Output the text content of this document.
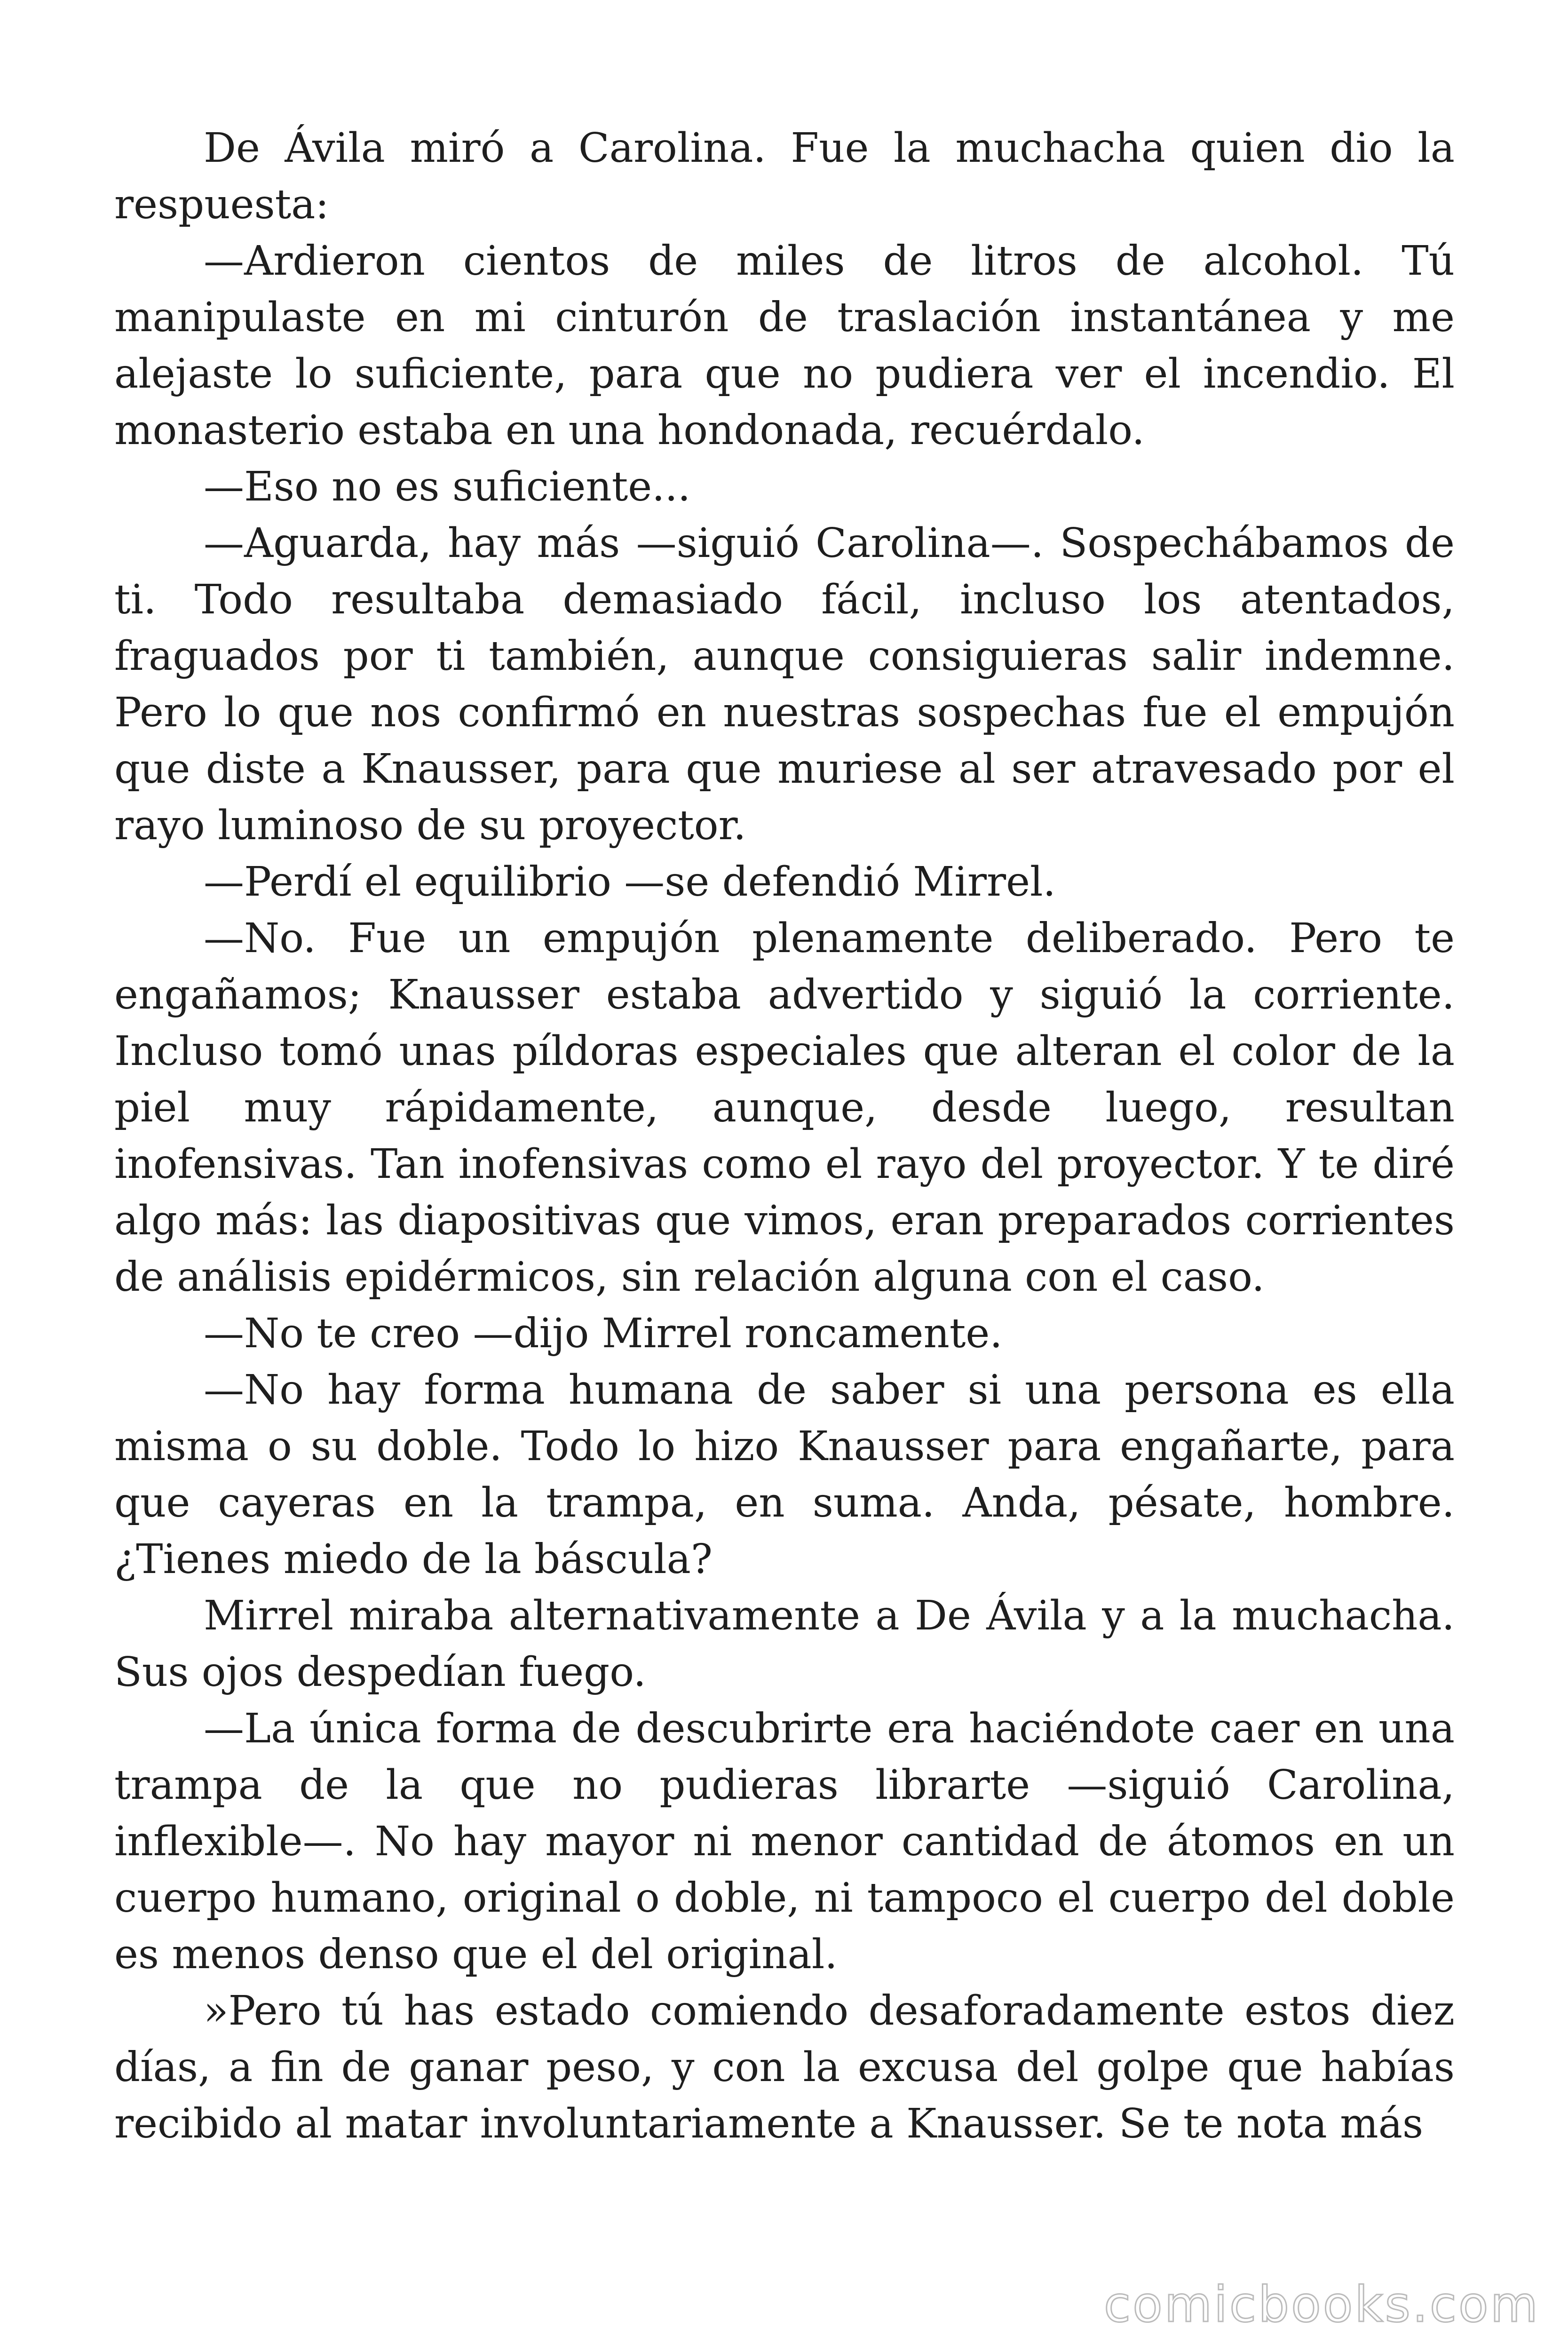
De Ávila miró a Carolina. Fue la muchacha quien dio la respuesta:

—Ardieron cientos de miles de litros de alcohol. Tú manipulaste en mi cinturón de traslación instantánea y me alejaste lo suficiente, para que no pudiera ver el incendio. El monasterio estaba en una hondonada, recuérdalo.

—Eso no es suficiente...

—Aguarda, hay más —siguió Carolina—. Sospechábamos de ti. Todo resultaba demasiado fácil, incluso los atentados, fraguados por ti también, aunque consiguieras salir indemne. Pero lo que nos confirmó en nuestras sospechas fue el empujón que diste a Knausser, para que muriese al ser atravesado por el rayo luminoso de su proyector.

—Perdí el equilibrio —se defendió Mirrel.

—No. Fue un empujón plenamente deliberado. Pero te engañamos; Knausser estaba advertido y siguió la corriente. Incluso tomó unas píldoras especiales que alteran el color de la piel muy rápidamente, aunque, desde luego, resultan inofensivas. Tan inofensivas como el rayo del proyector. Y te diré algo más: las diapositivas que vimos, eran preparados corrientes de análisis epidérmicos, sin relación alguna con el caso.

—No te creo —dijo Mirrel roncamente.

—No hay forma humana de saber si una persona es ella misma o su doble. Todo lo hizo Knausser para engañarte, para que cayeras en la trampa, en suma. Anda, pésate, hombre. ¿Tienes miedo de la báscula?

Mirrel miraba alternativamente a De Ávila y a la muchacha. Sus ojos despedían fuego.

—La única forma de descubrirte era haciéndote caer en una trampa de la que no pudieras librarte —siguió Carolina, inflexible—. No hay mayor ni menor cantidad de átomos en un cuerpo humano, original o doble, ni tampoco el cuerpo del doble es menos denso que el del original.

»Pero tú has estado comiendo desaforadamente estos diez días, a fin de ganar peso, y con la excusa del golpe que habías recibido al matar involuntariamente a Knausser. Se te nota más

comicbooks.com
